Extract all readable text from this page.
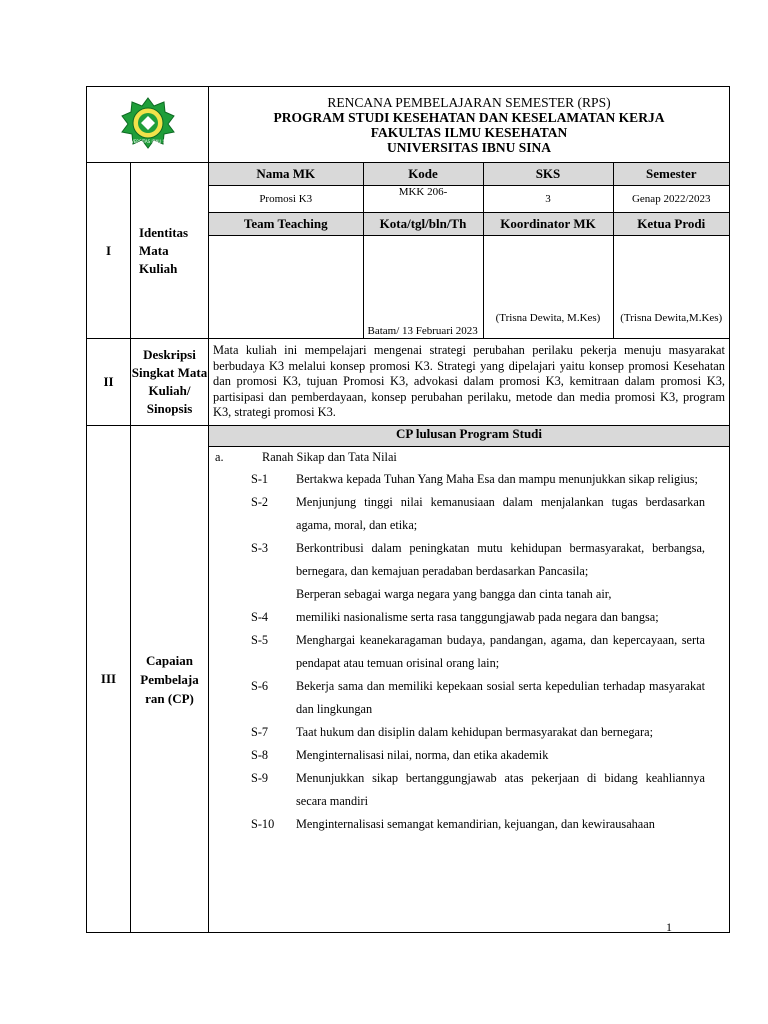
UNIVERSITAS IBNU SINA

RENCANA PEMBELAJARAN SEMESTER (RPS)
PROGRAM STUDI KESEHATAN DAN KESELAMATAN KERJA
FAKULTAS ILMU KESEHATAN
UNIVERSITAS IBNU SINA

I	Identitas Mata Kuliah	
Nama MK	Kode	SKS	Semester
Promosi K3	MKK 206-	3	Genap 2022/2023
Team Teaching	Kota/tgl/bln/Th	Koordinator MK	Ketua Prodi
	Batam/ 13 Februari 2023	(Trisna Dewita, M.Kes)	(Trisna Dewita,M.Kes)

II	Deskripsi Singkat Mata Kuliah/ Sinopsis	Mata kuliah ini mempelajari mengenai strategi perubahan perilaku pekerja menuju masyarakat berbudaya K3 melalui konsep promosi K3. Strategi yang dipelajari yaitu konsep promosi Kesehatan dan promosi K3, tujuan Promosi K3, advokasi dalam promosi K3, kemitraan dalam promosi K3, partisipasi dan pemberdayaan, konsep perubahan perilaku, metode dan media promosi K3, program K3, strategi promosi K3.
III	Capaian Pembelaja ran (CP)	
CP lulusan Program Studi
a.	Ranah Sikap dan Tata Nilai
S-1 Bertakwa kepada Tuhan Yang Maha Esa dan mampu menunjukkan sikap religius;
S-2 Menjunjung tinggi nilai kemanusiaan dalam menjalankan tugas berdasarkan agama, moral, dan etika;
S-3 Berkontribusi dalam peningkatan mutu kehidupan bermasyarakat, berbangsa, bernegara, dan kemajuan peradaban berdasarkan Pancasila;
Berperan sebagai warga negara yang bangga dan cinta tanah air,
S-4 memiliki nasionalisme serta rasa tanggungjawab pada negara dan bangsa;
S-5 Menghargai keanekaragaman budaya, pandangan, agama, dan kepercayaan, serta pendapat atau temuan orisinal orang lain;
S-6 Bekerja sama dan memiliki kepekaan sosial serta kepedulian terhadap masyarakat dan lingkungan
S-7 Taat hukum dan disiplin dalam kehidupan bermasyarakat dan bernegara;
S-8 Menginternalisasi nilai, norma, dan etika akademik
S-9 Menunjukkan sikap bertanggungjawab atas pekerjaan di bidang keahliannya secara mandiri
S-10 Menginternalisasi semangat kemandirian, kejuangan, dan kewirausahaan
1
